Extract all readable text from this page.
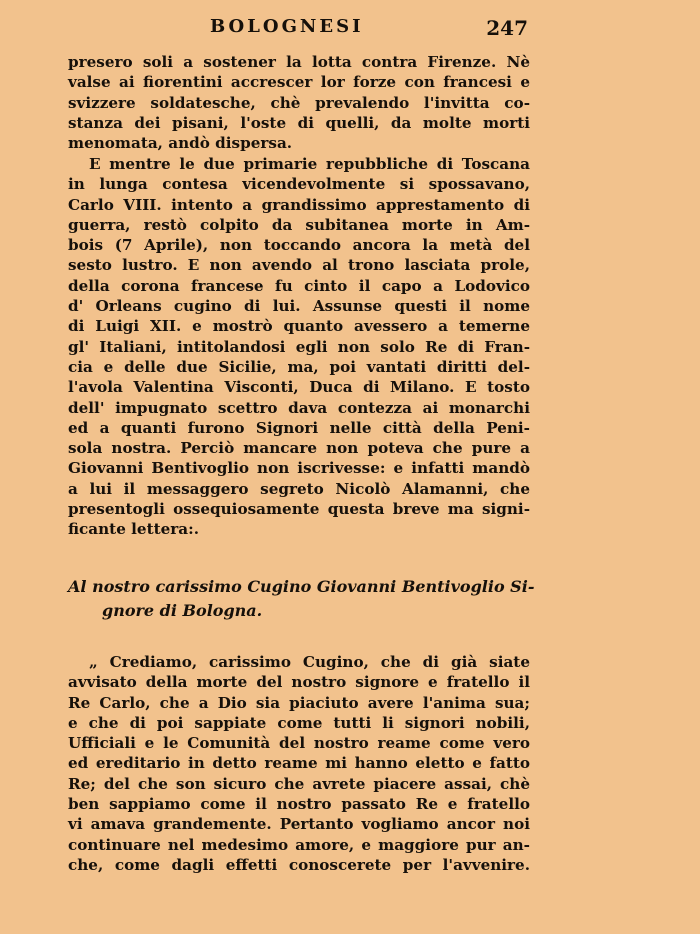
BOLOGNESI	247
presero soli a sostener la lotta contra Firenze. Nè
valse ai fiorentini accrescer lor forze con francesi e
svizzere soldatesche, chè prevalendo l'invitta co-
stanza dei pisani, l'oste di quelli, da molte morti
menomata, andò dispersa.
E mentre le due primarie repubbliche di Toscana
in lunga contesa vicendevolmente si spossavano,
Carlo VIII. intento a grandissimo apprestamento di
guerra, restò colpito da subitanea morte in Am-
bois (7 Aprile), non toccando ancora la metà del
sesto lustro. E non avendo al trono lasciata prole,
della corona francese fu cinto il capo a Lodovico
d' Orleans cugino di lui. Assunse questi il nome
di Luigi XII. e mostrò quanto avessero a temerne
gl' Italiani, intitolandosi egli non solo Re di Fran-
cia e delle due Sicilie, ma, poi vantati diritti del-
l'avola Valentina Visconti, Duca di Milano. E tosto
dell' impugnato scettro dava contezza ai monarchi
ed a quanti furono Signori nelle città della Peni-
sola nostra. Perciò mancare non poteva che pure a
Giovanni Bentivoglio non iscrivesse: e infatti mandò
a lui il messaggero segreto Nicolò Alamanni, che
presentogli ossequiosamente questa breve ma signi-
ficante lettera:.
Al nostro carissimo Cugino Giovanni Bentivoglio Si-
gnore di Bologna.
„ Crediamo, carissimo Cugino, che di già siate
avvisato della morte del nostro signore e fratello il
Re Carlo, che a Dio sia piaciuto avere l'anima sua;
e che di poi sappiate come tutti li signori nobili,
Ufficiali e le Comunità del nostro reame come vero
ed ereditario in detto reame mi hanno eletto e fatto
Re; del che son sicuro che avrete piacere assai, chè
ben sappiamo come il nostro passato Re e fratello
vi amava grandemente. Pertanto vogliamo ancor noi
continuare nel medesimo amore, e maggiore pur an-
che, come dagli effetti conoscerete per l'avvenire.
